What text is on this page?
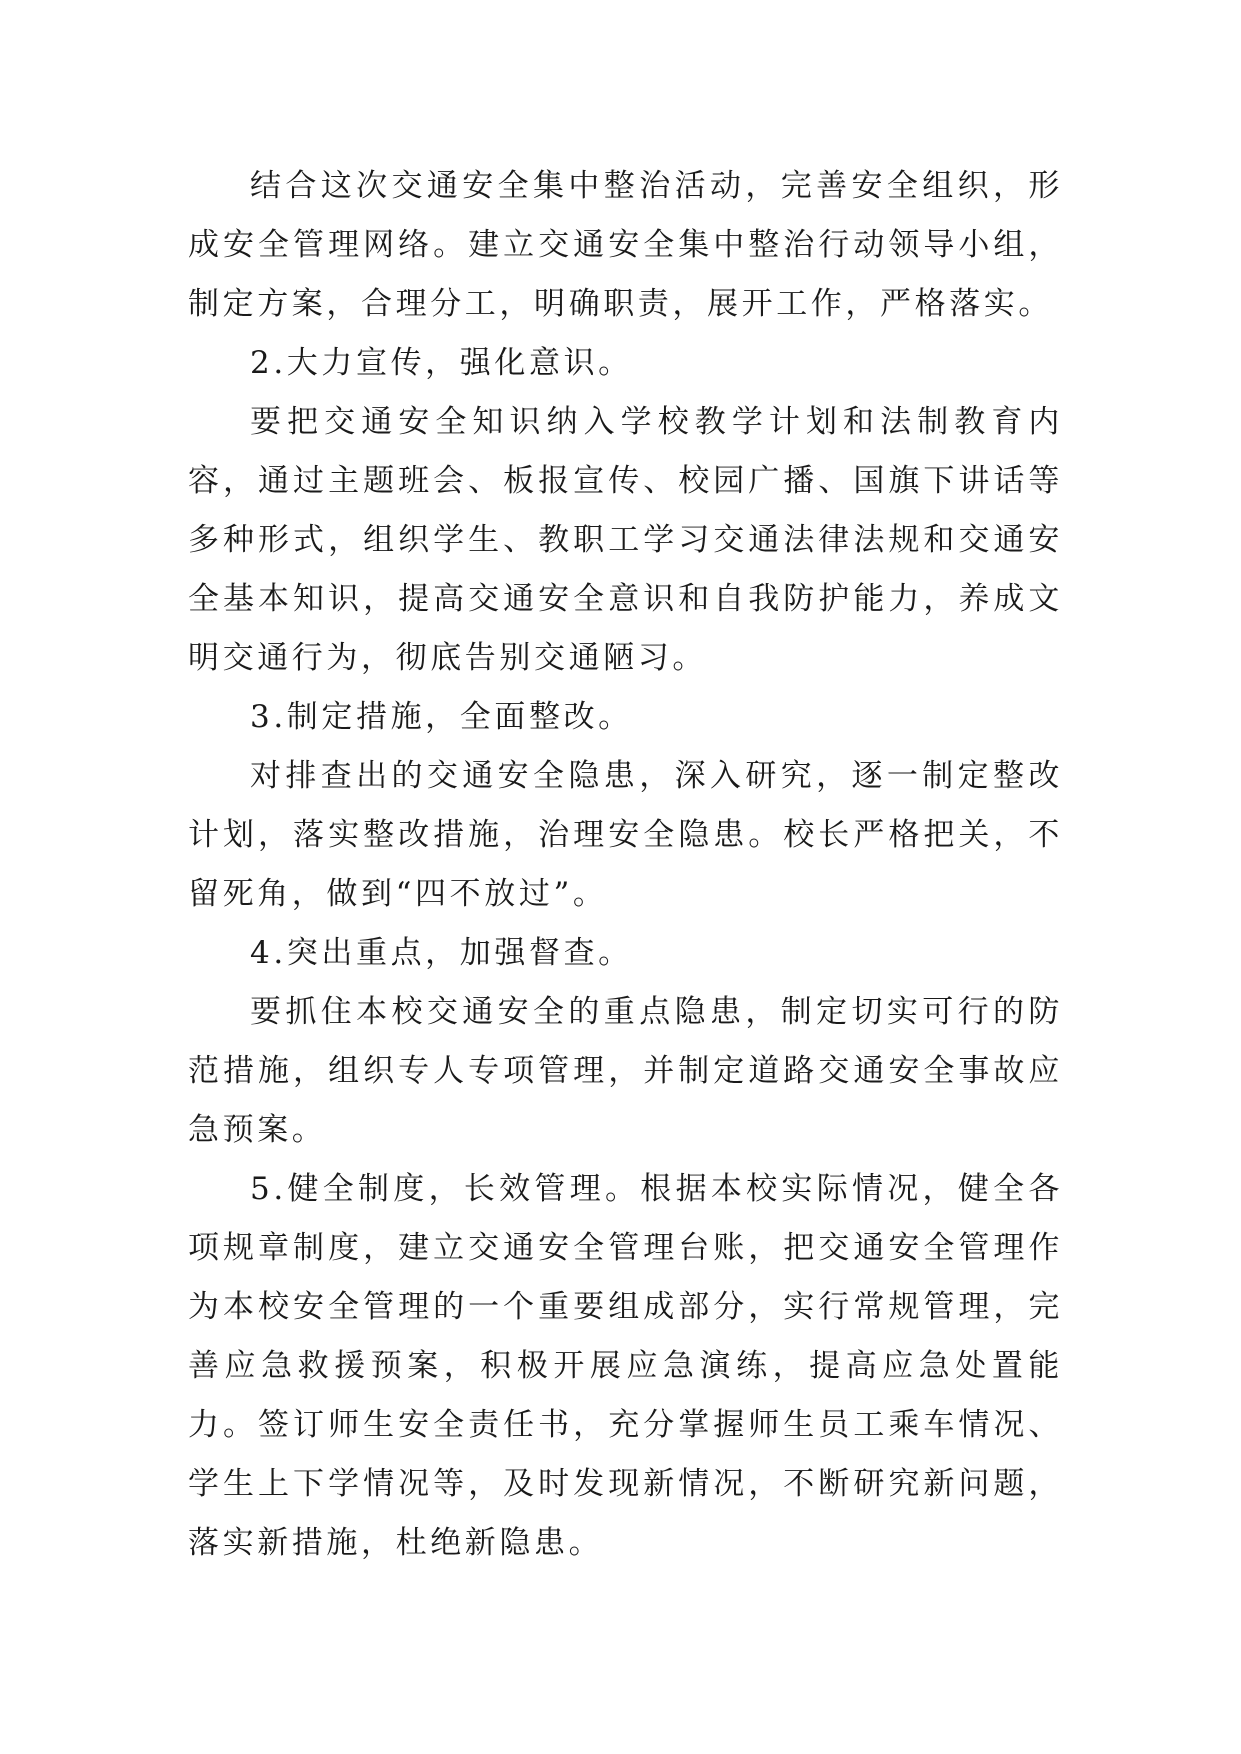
结合这次交通安全集中整治活动，完善安全组织，形成安全管理网络。建立交通安全集中整治行动领导小组，制定方案，合理分工，明确职责，展开工作，严格落实。

2.大力宣传，强化意识。

要把交通安全知识纳入学校教学计划和法制教育内容，通过主题班会、板报宣传、校园广播、国旗下讲话等多种形式，组织学生、教职工学习交通法律法规和交通安全基本知识，提高交通安全意识和自我防护能力，养成文明交通行为，彻底告别交通陋习。

3.制定措施，全面整改。

对排查出的交通安全隐患，深入研究，逐一制定整改计划，落实整改措施，治理安全隐患。校长严格把关，不留死角，做到“四不放过”。

4.突出重点，加强督查。

要抓住本校交通安全的重点隐患，制定切实可行的防范措施，组织专人专项管理，并制定道路交通安全事故应急预案。

5.健全制度，长效管理。根据本校实际情况，健全各项规章制度，建立交通安全管理台账，把交通安全管理作为本校安全管理的一个重要组成部分，实行常规管理，完善应急救援预案，积极开展应急演练，提高应急处置能力。签订师生安全责任书，充分掌握师生员工乘车情况、学生上下学情况等，及时发现新情况，不断研究新问题，落实新措施，杜绝新隐患。
